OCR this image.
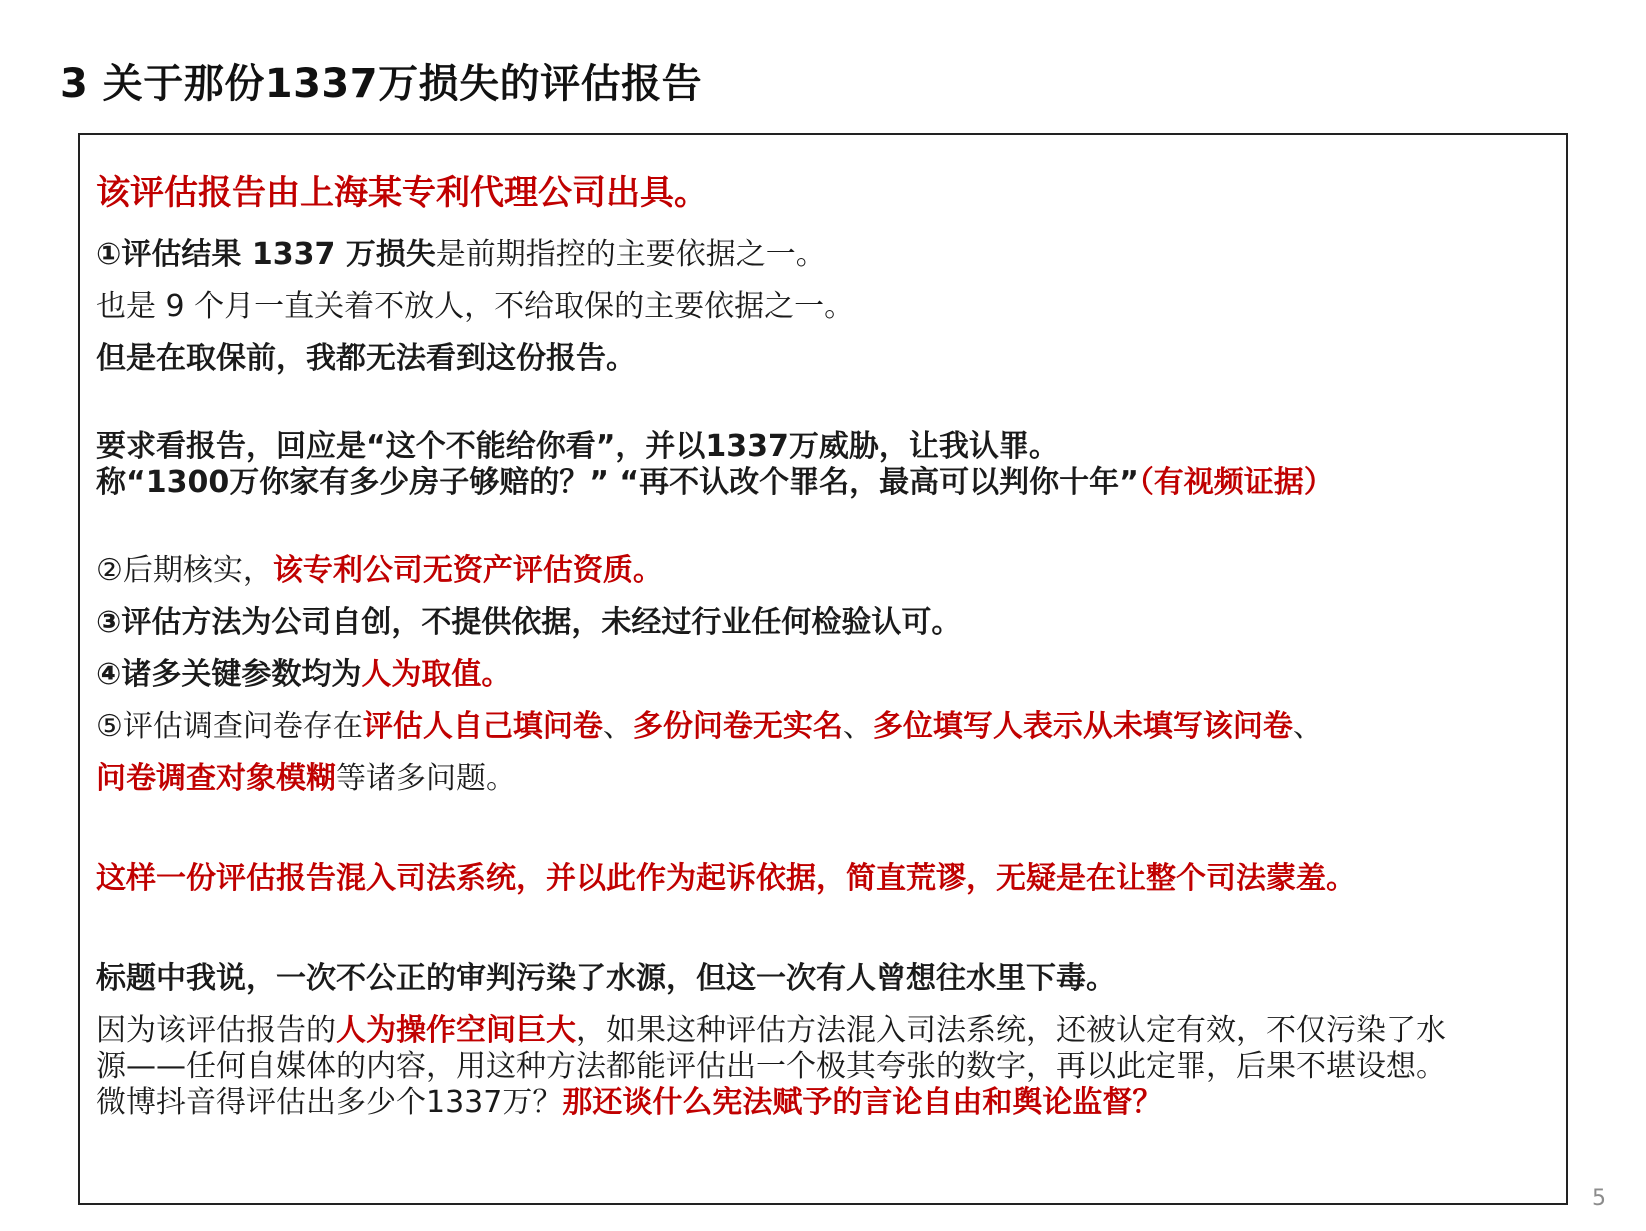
3 关于那份1337万损失的评估报告

该评估报告由上海某专利代理公司出具。

①评估结果 1337 万损失是前期指控的主要依据之一。

也是 9 个月一直关着不放人，不给取保的主要依据之一。

但是在取保前，我都无法看到这份报告。

要求看报告，回应是“这个不能给你看”，并以1337万威胁，让我认罪。

称“1300万你家有多少房子够赔的？” “再不认改个罪名，最高可以判你十年”（有视频证据）

②后期核实，该专利公司无资产评估资质。

③评估方法为公司自创，不提供依据，未经过行业任何检验认可。

④诸多关键参数均为人为取值。

⑤评估调查问卷存在评估人自己填问卷、多份问卷无实名、多位填写人表示从未填写该问卷、

问卷调查对象模糊等诸多问题。

这样一份评估报告混入司法系统，并以此作为起诉依据，简直荒谬，无疑是在让整个司法蒙羞。

标题中我说，一次不公正的审判污染了水源，但这一次有人曾想往水里下毒。

因为该评估报告的人为操作空间巨大，如果这种评估方法混入司法系统，还被认定有效，不仅污染了水

源——任何自媒体的内容，用这种方法都能评估出一个极其夸张的数字，再以此定罪，后果不堪设想。

微博抖音得评估出多少个1337万？那还谈什么宪法赋予的言论自由和舆论监督？

5
